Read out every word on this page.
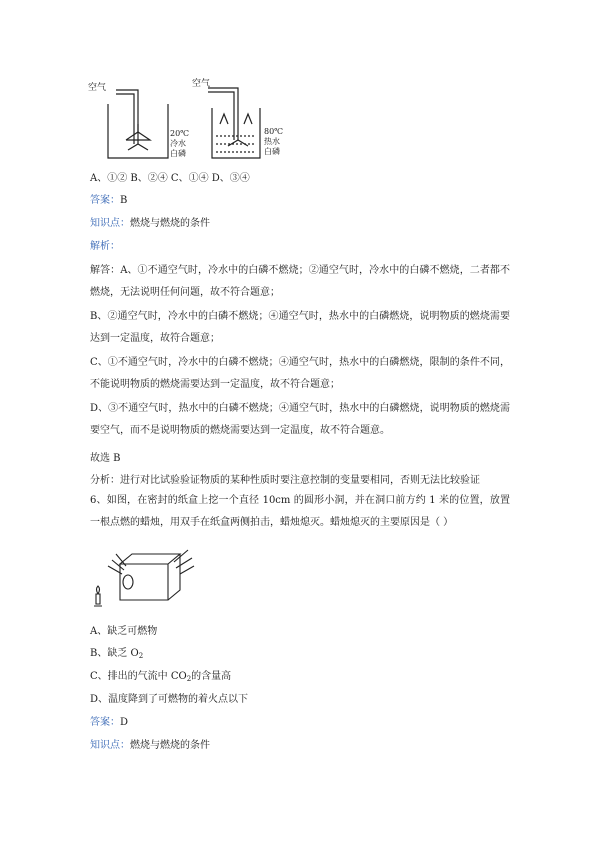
空气
20℃
冷水
白磷
空气
80℃
热水
白磷
A、①② B、②④ C、①④ D、③④
答案：B
知识点：燃烧与燃烧的条件
解析：
解答：A、①不通空气时，冷水中的白磷不燃烧；②通空气时，冷水中的白磷不燃烧，二者都不燃烧，无法说明任何问题，故不符合题意；
B、②通空气时，冷水中的白磷不燃烧；④通空气时，热水中的白磷燃烧，说明物质的燃烧需要达到一定温度，故符合题意；
C、①不通空气时，冷水中的白磷不燃烧；④通空气时，热水中的白磷燃烧，限制的条件不同，不能说明物质的燃烧需要达到一定温度，故不符合题意；
D、③不通空气时，热水中的白磷不燃烧；④通空气时，热水中的白磷燃烧，说明物质的燃烧需要空气，而不是说明物质的燃烧需要达到一定温度，故不符合题意。
故选 B
分析：进行对比试验验证物质的某种性质时要注意控制的变量要相同，否则无法比较验证
6、如图，在密封的纸盒上挖一个直径 10cm 的圆形小洞，并在洞口前方约 1 米的位置，放置一根点燃的蜡烛，用双手在纸盒两侧拍击，蜡烛熄灭。蜡烛熄灭的主要原因是（ ）
A、缺乏可燃物
B、缺乏 $O_2$
C、排出的气流中 $CO_2$的含量高
D、温度降到了可燃物的着火点以下
答案：D
知识点：燃烧与燃烧的条件
